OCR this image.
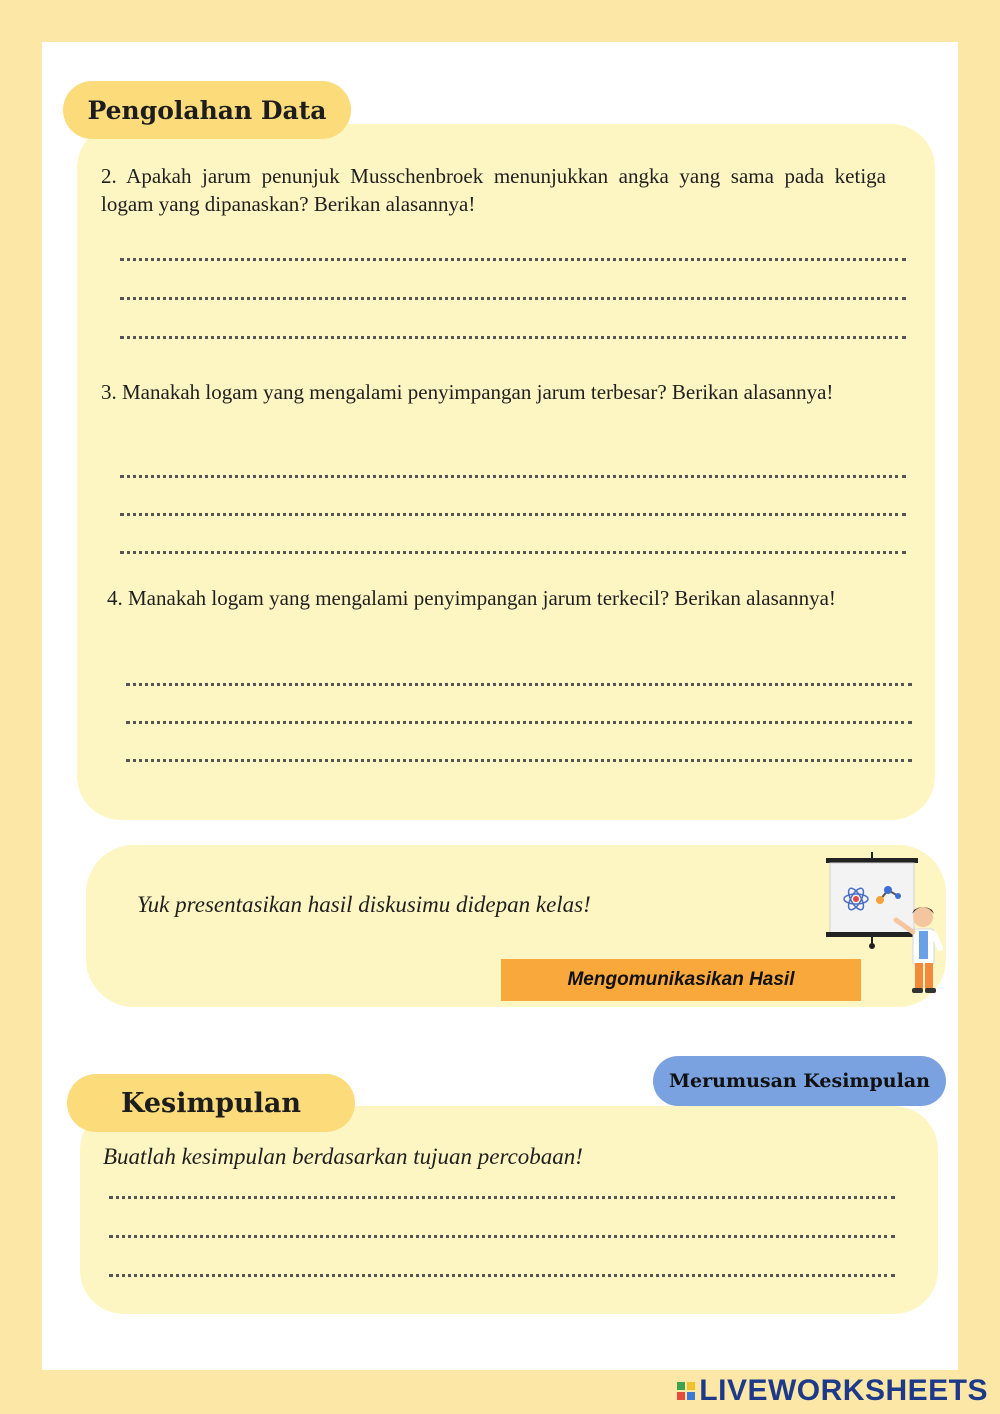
Pengolahan Data
2. Apakah jarum penunjuk Musschenbroek menunjukkan angka yang sama pada ketiga logam yang dipanaskan? Berikan alasannya!
3. Manakah logam yang mengalami penyimpangan jarum terbesar? Berikan alasannya!
4. Manakah logam yang mengalami penyimpangan jarum terkecil? Berikan alasannya!
Yuk presentasikan hasil diskusimu didepan kelas!
Mengomunikasikan Hasil
Kesimpulan
Merumusan Kesimpulan
Buatlah kesimpulan berdasarkan tujuan percobaan!
LIVEWORKSHEETS
